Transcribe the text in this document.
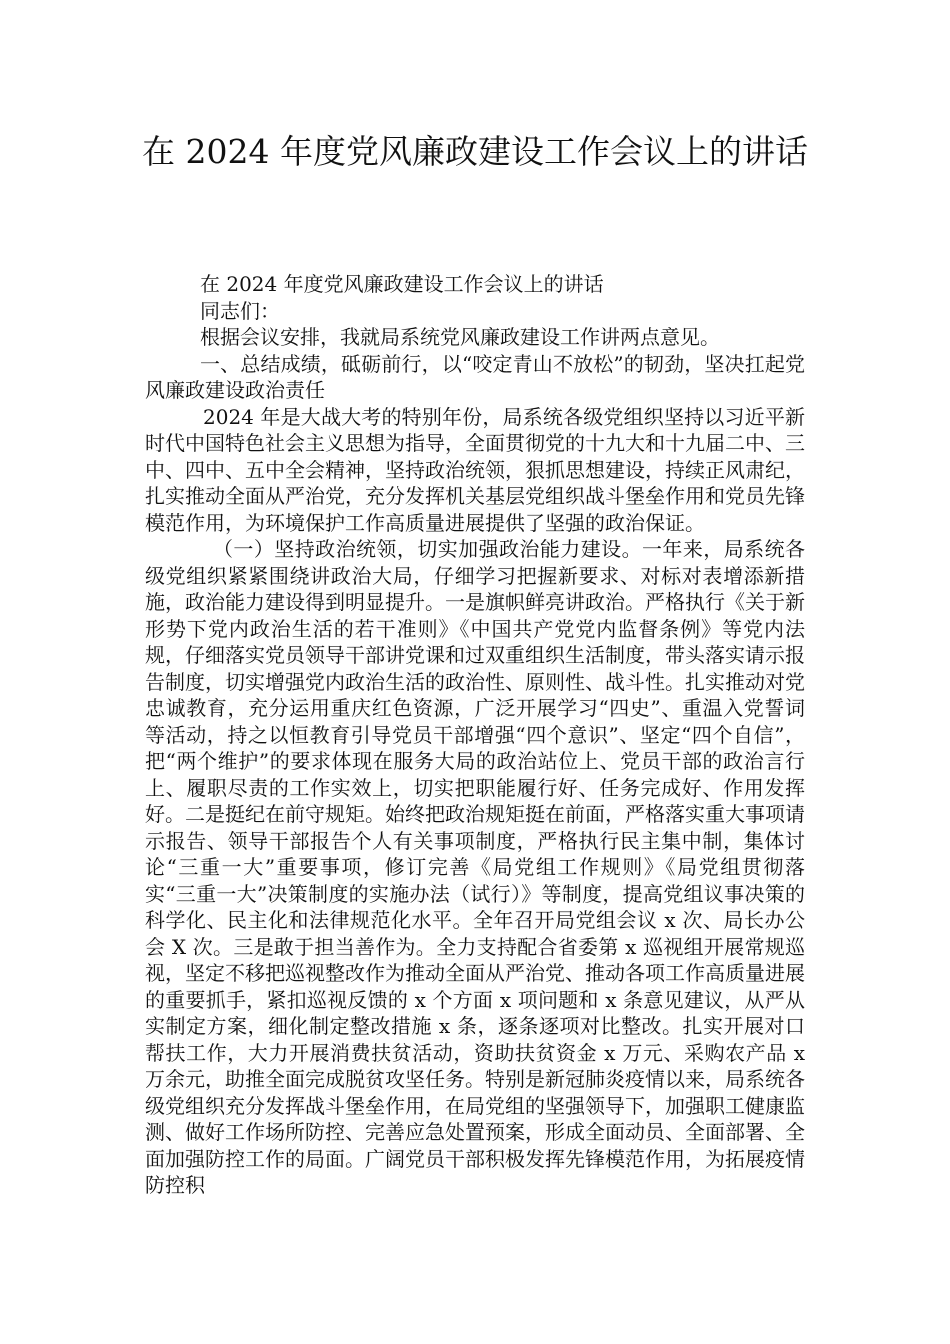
在 2024 年度党风廉政建设工作会议上的讲话

在 2024 年度党风廉政建设工作会议上的讲话

同志们：

根据会议安排，我就局系统党风廉政建设工作讲两点意见。

一、总结成绩，砥砺前行，以“咬定青山不放松”的韧劲，坚决扛起党风廉政建设政治责任

2024 年是大战大考的特别年份，局系统各级党组织坚持以习近平新时代中国特色社会主义思想为指导，全面贯彻党的十九大和十九届二中、三中、四中、五中全会精神，坚持政治统领，狠抓思想建设，持续正风肃纪，扎实推动全面从严治党，充分发挥机关基层党组织战斗堡垒作用和党员先锋模范作用，为环境保护工作高质量进展提供了坚强的政治保证。

（一）坚持政治统领，切实加强政治能力建设。一年来，局系统各级党组织紧紧围绕讲政治大局，仔细学习把握新要求、对标对表增添新措施，政治能力建设得到明显提升。一是旗帜鲜亮讲政治。严格执行《关于新形势下党内政治生活的若干准则》《中国共产党党内监督条例》等党内法规，仔细落实党员领导干部讲党课和过双重组织生活制度，带头落实请示报告制度，切实增强党内政治生活的政治性、原则性、战斗性。扎实推动对党忠诚教育，充分运用重庆红色资源，广泛开展学习“四史”、重温入党誓词等活动，持之以恒教育引导党员干部增强“四个意识”、坚定“四个自信”，把“两个维护”的要求体现在服务大局的政治站位上、党员干部的政治言行上、履职尽责的工作实效上，切实把职能履行好、任务完成好、作用发挥好。二是挺纪在前守规矩。始终把政治规矩挺在前面，严格落实重大事项请示报告、领导干部报告个人有关事项制度，严格执行民主集中制，集体讨论“三重一大”重要事项，修订完善《局党组工作规则》《局党组贯彻落实“三重一大”决策制度的实施办法（试行）》等制度，提高党组议事决策的科学化、民主化和法律规范化水平。全年召开局党组会议 x 次、局长办公会 X 次。三是敢于担当善作为。全力支持配合省委第 x 巡视组开展常规巡视，坚定不移把巡视整改作为推动全面从严治党、推动各项工作高质量进展的重要抓手，紧扣巡视反馈的 x 个方面 x 项问题和 x 条意见建议，从严从实制定方案，细化制定整改措施 x 条，逐条逐项对比整改。扎实开展对口帮扶工作，大力开展消费扶贫活动，资助扶贫资金 x 万元、采购农产品 x 万余元，助推全面完成脱贫攻坚任务。特别是新冠肺炎疫情以来，局系统各级党组织充分发挥战斗堡垒作用，在局党组的坚强领导下，加强职工健康监测、做好工作场所防控、完善应急处置预案，形成全面动员、全面部署、全面加强防控工作的局面。广阔党员干部积极发挥先锋模范作用，为拓展疫情防控积
